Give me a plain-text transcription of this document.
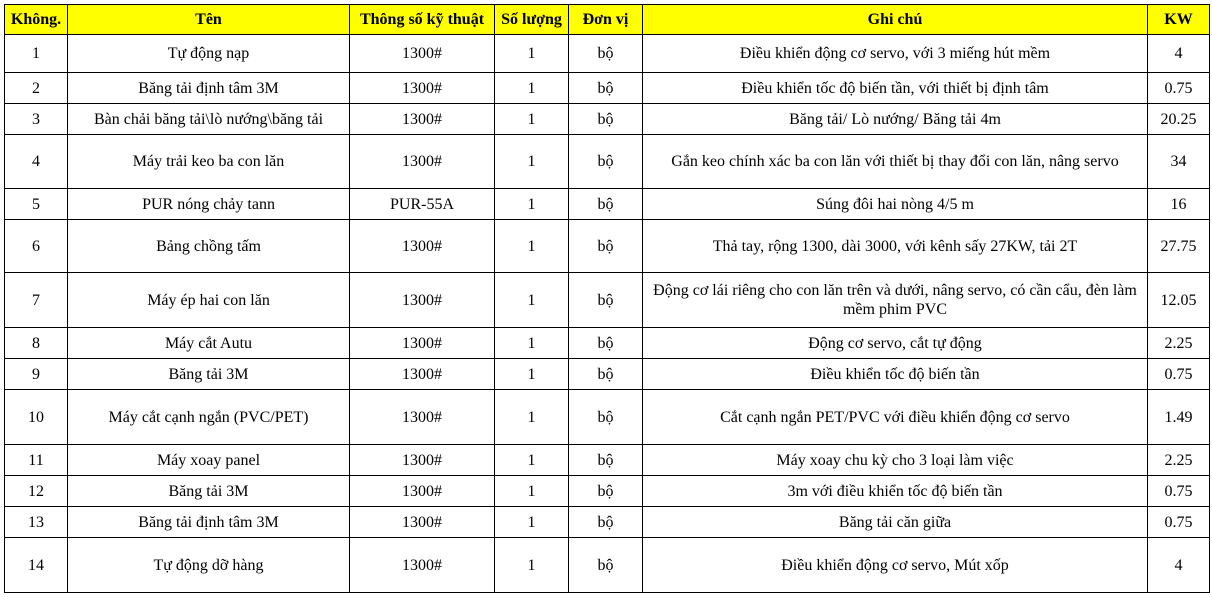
Không.	Tên	Thông số kỹ thuật	Số lượng	Đơn vị	Ghi chú	KW
1	Tự động nạp	1300#	1	bộ	Điều khiển động cơ servo, với 3 miếng hút mềm	4
2	Băng tải định tâm 3M	1300#	1	bộ	Điều khiển tốc độ biến tần, với thiết bị định tâm	0.75
3	Bàn chải băng tải\lò nướng\băng tải	1300#	1	bộ	Băng tải/ Lò nướng/ Băng tải 4m	20.25
4	Máy trải keo ba con lăn	1300#	1	bộ	Gắn keo chính xác ba con lăn với thiết bị thay đổi con lăn, nâng servo	34
5	PUR nóng chảy tann	PUR-55A	1	bộ	Súng đôi hai nòng 4/5 m	16
6	Bảng chồng tấm	1300#	1	bộ	Thả tay, rộng 1300, dài 3000, với kênh sấy 27KW, tải 2T	27.75
7	Máy ép hai con lăn	1300#	1	bộ	Động cơ lái riêng cho con lăn trên và dưới, nâng servo, có cần cẩu, đèn làm mềm phim PVC	12.05
8	Máy cắt Autu	1300#	1	bộ	Động cơ servo, cắt tự động	2.25
9	Băng tải 3M	1300#	1	bộ	Điều khiển tốc độ biến tần	0.75
10	Máy cắt cạnh ngắn (PVC/PET)	1300#	1	bộ	Cắt cạnh ngắn PET/PVC với điều khiển động cơ servo	1.49
11	Máy xoay panel	1300#	1	bộ	Máy xoay chu kỳ cho 3 loại làm việc	2.25
12	Băng tải 3M	1300#	1	bộ	3m với điều khiển tốc độ biến tần	0.75
13	Băng tải định tâm 3M	1300#	1	bộ	Băng tải căn giữa	0.75
14	Tự động dỡ hàng	1300#	1	bộ	Điều khiển động cơ servo, Mút xốp	4
